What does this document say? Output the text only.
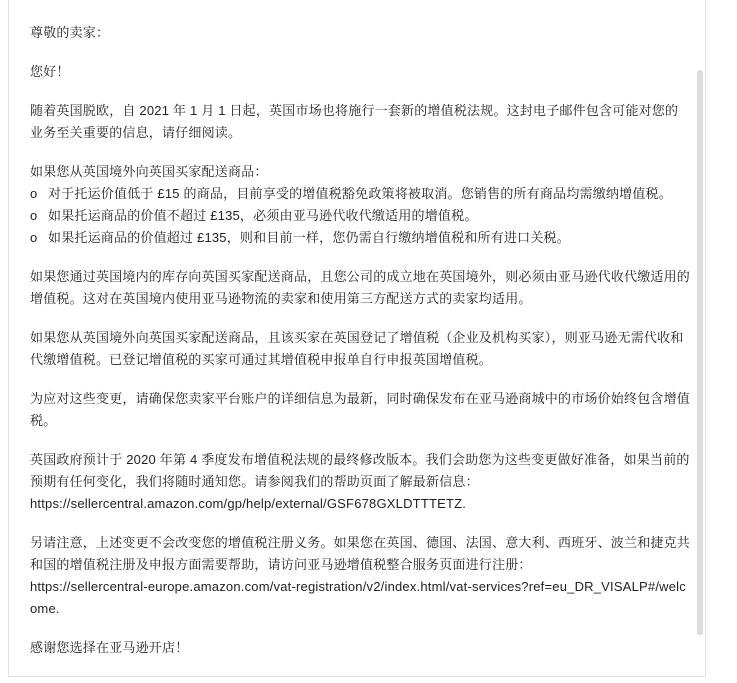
尊敬的卖家：

您好！

随着英国脱欧，自 2021 年 1 月 1 日起，英国市场也将施行一套新的增值税法规。这封电子邮件包含可能对您的业务至关重要的信息，请仔细阅读。

如果您从英国境外向英国买家配送商品：

o 对于托运价值低于 £15 的商品，目前享受的增值税豁免政策将被取消。您销售的所有商品均需缴纳增值税。
o 如果托运商品的价值不超过 £135，必须由亚马逊代收代缴适用的增值税。
o 如果托运商品的价值超过 £135，则和目前一样，您仍需自行缴纳增值税和所有进口关税。

如果您通过英国境内的库存向英国买家配送商品，且您公司的成立地在英国境外，则必须由亚马逊代收代缴适用的增值税。这对在英国境内使用亚马逊物流的卖家和使用第三方配送方式的卖家均适用。

如果您从英国境外向英国买家配送商品，且该买家在英国登记了增值税（企业及机构买家），则亚马逊无需代收和代缴增值税。已登记增值税的买家可通过其增值税申报单自行申报英国增值税。

为应对这些变更，请确保您卖家平台账户的详细信息为最新，同时确保发布在亚马逊商城中的市场价始终包含增值税。

英国政府预计于 2020 年第 4 季度发布增值税法规的最终修改版本。我们会助您为这些变更做好准备，如果当前的预期有任何变化，我们将随时通知您。请参阅我们的帮助页面了解最新信息：
https://sellercentral.amazon.com/gp/help/external/GSF678GXLDTTTETZ.

另请注意，上述变更不会改变您的增值税注册义务。如果您在英国、德国、法国、意大利、西班牙、波兰和捷克共和国的增值税注册及申报方面需要帮助，请访问亚马逊增值税整合服务页面进行注册：
https://sellercentral-europe.amazon.com/vat-registration/v2/index.html/vat-services?ref=eu_DR_VISALP#/welcome.

感谢您选择在亚马逊开店！
